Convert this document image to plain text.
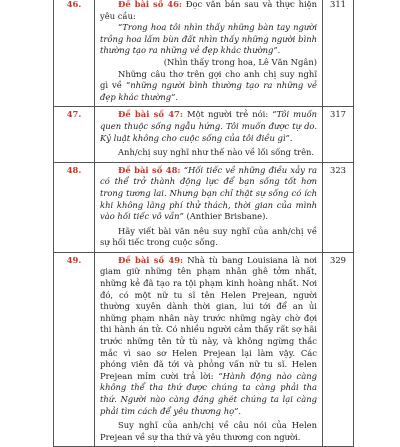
46.	Đề bài số 46: Đọc văn bản sau và thực hiện yêu cầu:

“Trong hoa tôi nhìn thấy những bàn tay người trồng hoa lấm bùn đất nhìn thấy những người bình thường tạo ra những vẻ đẹp khác thường”.

(Nhìn thấy trong hoa, Lê Văn Ngân)

Những câu thơ trên gợi cho anh chị suy nghĩ gì về “những người bình thường tạo ra những vẻ đẹp khác thường”.	311
47.	Đề bài số 47: Một người trẻ nói: “Tôi muốn quen thuộc sống ngẫu hứng. Tôi muốn được tự do. Kỷ luật không cho cuộc sống của tôi điều gì”.

Anh/chị suy nghĩ như thế nào về lối sống trên.	317
48.	Đề bài số 48: “Hối tiếc về những điều xảy ra có thể trở thành động lực để bạn sống tốt hơn trong tương lai. Nhưng bạn chỉ thật sự sống có ích khi không lãng phí thử thách, thời gian của mình vào hối tiếc vô vần” (Anthier Brisbane).

Hãy viết bài văn nêu suy nghĩ của anh/chị về sự hối tiếc trong cuộc sống.	323
49.	Đề bài số 49: Nhà tù bang Louisiana là nơi giam giữ những tên phạm nhân ghê tởm nhất, những kẻ đã tạo ra tội phạm kinh hoàng nhất. Nơi đó, có một nữ tu sĩ tên Helen Prejean, người thường xuyên dành thời gian, lui tới để an ủi những phạm nhân này trước những ngày chờ đợi thi hành án tử. Có nhiều người cảm thấy rất sợ hãi trước những tên tử tù này, và không ngừng thắc mắc vì sao sơ Helen Prejean lại làm vậy. Các phóng viên đã tới và phỏng vấn nữ tu sĩ. Helen Prejean mỉm cười trả lời: “Hành động nào càng không thể tha thứ được chúng ta càng phải tha thứ. Người nào càng đáng ghét chúng ta lại càng phải tìm cách để yêu thương họ”.

Suy nghĩ của anh/chị về câu nói của Helen Prejean về sự tha thứ và yêu thương con người.	329
